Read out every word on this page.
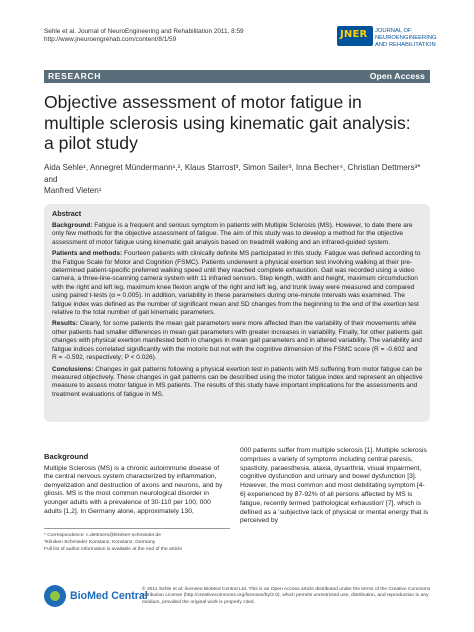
Sehle et al. Journal of NeuroEngineering and Rehabilitation 2011, 8:59
http://www.jneuroengrehab.com/content/8/1/59	JNER JOURNAL OF NEUROENGINEERING
AND REHABILITATION
RESEARCH	Open Access
Objective assessment of motor fatigue in
multiple sclerosis using kinematic gait analysis:
a pilot study
Aida Sehle¹, Annegret Mündermann¹,², Klaus Starrost³, Simon Sailer³, Inna Becher⁴, Christian Dettmers³* and
Manfred Vieten¹
Abstract

Background: Fatigue is a frequent and serious symptom in patients with Multiple Sclerosis (MS). However, to date there are only few methods for the objective assessment of fatigue. The aim of this study was to develop a method for the objective assessment of motor fatigue using kinematic gait analysis based on treadmill walking and an infrared-guided system.

Patients and methods: Fourteen patients with clinically definite MS participated in this study. Fatigue was defined according to the Fatigue Scale for Motor and Cognition (FSMC). Patients underwent a physical exertion test involving walking at their pre-determined patient-specific preferred walking speed until they reached complete exhaustion. Gait was recorded using a video camera, a three-line-scanning camera system with 11 infrared sensors. Step length, width and height, maximum circumduction with the right and left leg, maximum knee flexion angle of the right and left leg, and trunk sway were measured and compared using paired t-tests (α = 0.005). In addition, variability in these parameters during one-minute intervals was examined. The fatigue index was defined as the number of significant mean and SD changes from the beginning to the end of the exertion test relative to the total number of gait kinematic parameters.

Results: Clearly, for some patients the mean gait parameters were more affected than the variability of their movements while other patients had smaller differences in mean gait parameters with greater increases in variability. Finally, for other patients gait changes with physical exertion manifested both in changes in mean gait parameters and in altered variability. The variability and fatigue indices correlated significantly with the motoric but not with the cognitive dimension of the FSMC score (R = -0.602 and R = -0.592, respectively; P < 0.026).

Conclusions: Changes in gait patterns following a physical exertion test in patients with MS suffering from motor fatigue can be measured objectively. These changes in gait patterns can be described using the motor fatigue index and represent an objective measure to assess motor fatigue in MS patients. The results of this study have important implications for the assessments and treatment evaluations of fatigue in MS.

Background
Multiple Sclerosis (MS) is a chronic autoimmune disease of the central nervous system characterized by inflammation, demyelization and destruction of axons and neurons, and by gliosis. MS is the most common neurological disorder in younger adults with a prevalence of 30-110 per 100, 000 adults [1,2]. In Germany alone, approximately 130,
000 patients suffer from multiple sclerosis [1]. Multiple sclerosis comprises a variety of symptoms including central paresis, spasticity, paraesthesia, ataxia, dysarthria, visual impairment, cognitive dysfunction and urinary and bowel dysfunction [3]. However, the most common and most debilitating symptom [4-6] experienced by 87-92% of all persons affected by MS is fatigue, recently termed 'pathological exhaustion' [7], which is defined as a 'subjective lack of physical or mental energy that is perceived by
* Correspondence: c.dettmers@kliniken-schmieder.de
³Kliniken Schmieder Konstanz, Konstanz, Germany
Full list of author information is available at the end of the article
BioMed Central
© 2011 Sehle et al; licensee BioMed Central Ltd. This is an Open Access article distributed under the terms of the Creative Commons Attribution License (http://creativecommons.org/licenses/by/2.0), which permits unrestricted use, distribution, and reproduction in any medium, provided the original work is properly cited.
